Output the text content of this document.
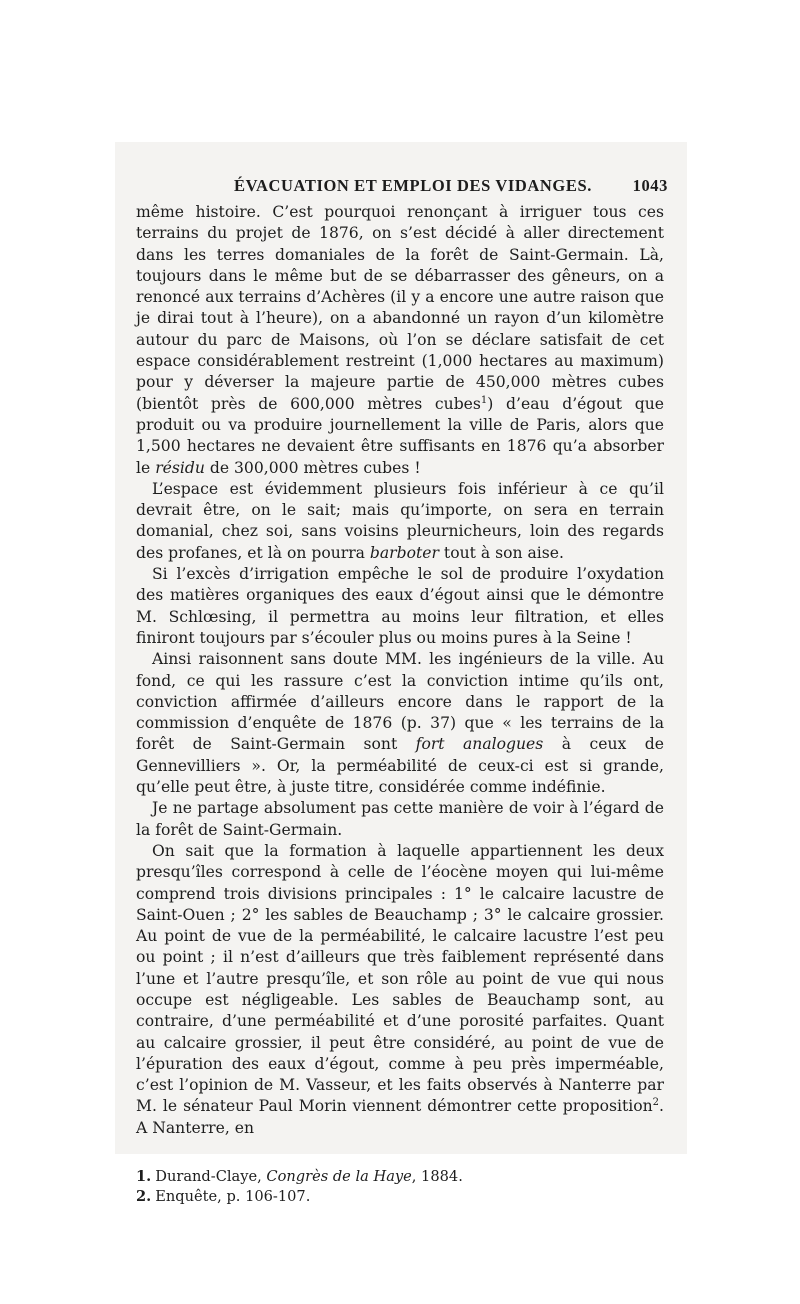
ÉVACUATION ET EMPLOI DES VIDANGES. 1043

même histoire. C’est pourquoi renonçant à irriguer tous ces terrains du projet de 1876, on s’est décidé à aller directement dans les terres domaniales de la forêt de Saint-Germain. Là, toujours dans le même but de se débarrasser des gêneurs, on a renoncé aux terrains d’Achères (il y a encore une autre raison que je dirai tout à l’heure), on a abandonné un rayon d’un kilomètre autour du parc de Maisons, où l’on se déclare satisfait de cet espace considérablement restreint (1,000 hectares au maximum) pour y déverser la majeure partie de 450,000 mètres cubes (bientôt près de 600,000 mètres cubes$^1$) d’eau d’égout que produit ou va produire journellement la ville de Paris, alors que 1,500 hectares ne devaient être suffisants en 1876 qu’a absorber le résidu de 300,000 mètres cubes !

L’espace est évidemment plusieurs fois inférieur à ce qu’il devrait être, on le sait; mais qu’importe, on sera en terrain domanial, chez soi, sans voisins pleurnicheurs, loin des regards des profanes, et là on pourra barboter tout à son aise.

Si l’excès d’irrigation empêche le sol de produire l’oxydation des matières organiques des eaux d’égout ainsi que le démontre M. Schlœsing, il permettra au moins leur filtration, et elles finiront toujours par s’écouler plus ou moins pures à la Seine !

Ainsi raisonnent sans doute MM. les ingénieurs de la ville. Au fond, ce qui les rassure c’est la conviction intime qu’ils ont, conviction affirmée d’ailleurs encore dans le rapport de la commission d’enquête de 1876 (p. 37) que « les terrains de la forêt de Saint-Germain sont fort analogues à ceux de Gennevilliers ». Or, la perméabilité de ceux-ci est si grande, qu’elle peut être, à juste titre, considérée comme indéfinie.

Je ne partage absolument pas cette manière de voir à l’égard de la forêt de Saint-Germain.

On sait que la formation à laquelle appartiennent les deux presqu’îles correspond à celle de l’éocène moyen qui lui-même comprend trois divisions principales : 1° le calcaire lacustre de Saint-Ouen ; 2° les sables de Beauchamp ; 3° le calcaire grossier. Au point de vue de la perméabilité, le calcaire lacustre l’est peu ou point ; il n’est d’ailleurs que très faiblement représenté dans l’une et l’autre presqu’île, et son rôle au point de vue qui nous occupe est négligeable. Les sables de Beauchamp sont, au contraire, d’une perméabilité et d’une porosité parfaites. Quant au calcaire grossier, il peut être considéré, au point de vue de l’épuration des eaux d’égout, comme à peu près imperméable, c’est l’opinion de M. Vasseur, et les faits observés à Nanterre par M. le sénateur Paul Morin viennent démontrer cette proposition$^2$. A Nanterre, en

1. Durand-Claye, Congrès de la Haye, 1884.

2. Enquête, p. 106-107.
